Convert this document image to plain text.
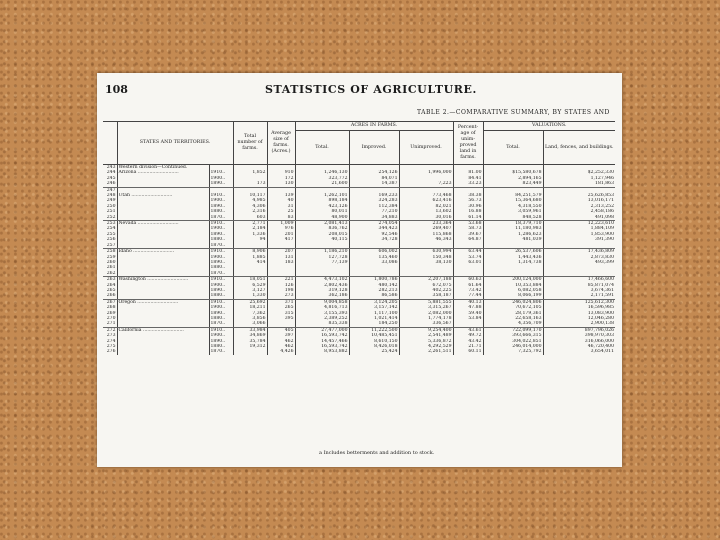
108	STATISTICS OF AGRICULTURE.
TABLE 2.—COMPARATIVE SUMMARY, BY STATES AND
	STATES AND TERRITORIES.		Total number of farms.	Average size of farms. (Acres.)	ACRES IN FARMS.			Percent-age of unim-proved land in farms.	VALUATIONS.	
					Total.	Improved.	Unimproved.		Total.	Land, fences, and buildings.
243	Western division—Continued.									
244	Arizona ............................	1910..	1,852	910	1,246,130	254,126	1,996,000	81.00	$15,580,678	$2,252,330
245		1900..		172	323,772	84,071		84.41	2,894,165	1,127,946
246		1890..	173	130	21,600	14,387	7,223	33.23	823,449	181,863
247										
248	Utah ............................	1910..	10,117	139	1,262,101	169,233	773,468	38.38	84,251,579	25,626,853
249		1900..	4,985	40	898,184	324,283	623,416	56.73	15,364,680	13,016,171
250		1890..	4,306	31	423,126	112,384	82,021	30.96	4,318,550	2,313,252
251		1880..	2,316	25	80,011	77,210	13,602	16.88	3,059,961	2,458,186
252		1870..	603	83	48,900	34,883	30,016	61.14	848,528	491,098
253	Nevada ............................	1910..	2,771	1,009	2,081,413	274,054	233,364	53.68	18,379,710	12,223,610
254		1900..	2,184	976	836,762	344,423	269,407	58.73	11,180,983	1,884,109
255		1890..	1,336	201	208,015	92,546	115,868	39.67	1,286,623	1,853,900
256		1880..	94	417	40,115	34,728	46,343	64.87	481,039	391,390
257		1870..								
258	Idaho ............................	1910..	8,906	207	1,186,210	606,002	630,994	63.44	26,537,606	17,436,809
259		1900..	1,885	131	127,728	135,460	150,348	53.74	1,443,436	2,873,830
260		1890..	414	183	77,139	33,086	38,130	63.01	1,314,738	493,399
261		1880..								
262		1870..								
263	Washington ............................	1910..	18,051	221	4,473,102	1,800,786	2,207,188	60.63	200,124,000	17,466,600
264		1900..	6,529	126	2,802,436	480,142	672,075	61.64	10,353,884	85,871,074
265		1890..	3,127	198	319,128	282,213	402,225	73.42	6,082,058	3,674,361
266		1880..	1,330	273	362,186	86,586	358,187	77.44	8,066,199	2,171,591
267	Oregon ............................	1910..	25,692	371	9,004,858	3,124,205	5,881,555	40.13	246,024,806	125,612,300
268		1900..	18,211	265	4,816,713	3,157,142	3,315,267	47.88	70,672,105	16,596,985
269		1890..	7,362	315	3,155,393	1,117,100	2,082,000	59.40	28,179,361	13,083,900
270		1880..	3,856	395	2,389,252	1,021,414	1,774,178	53.84	22,658,163	12,046,280
271		1870..	3,066		835,338	184,250	336,567		4,356,709	2,900,138
272	California ............................	1910..	33,984	405	27,477,000	11,222,500	9,254,400	43.61	722,099,170	897,796,026
273		1900..	34,869	397	16,593,742	10,485,451	2,541,489	49.72	393,666,315	398,970,303
274		1890..	35,784	462	14,457,466	8,610,150	5,336,872	43.42	304,022,851	316,066,000
275		1880..	19,312	462	16,593,742	8,426,018	4,292,529	21.71	246,014,000	46,720,400
276		1870..		4,426	8,953,882	25,424	2,261,511	60.11	7,325,792	3,654,011
a Includes betterments and addition to stock.
